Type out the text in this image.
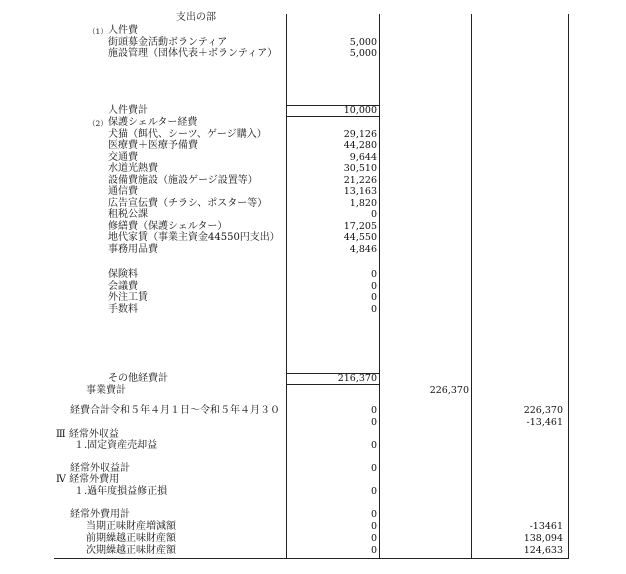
支出の部
（1） 人件費
街頭募金活動ボランティア	5,000
施設管理（団体代表＋ボランティア）	5,000
人件費計	10,000
（2） 保護シェルター経費
犬猫（餌代、シーツ、ゲージ購入）	29,126
医療費＋医療予備費	44,280
交通費	9,644
水道光熱費	30,510
設備費施設（施設ゲージ設置等）	21,226
通信費	13,163
広告宣伝費（チラシ、ポスター等）	1,820
租税公課	0
修繕費（保護シェルター）	17,205
地代家賃（事業主資金44550円支出）	44,550
事務用品費	4,846
保険料	0
会議費	0
外注工賃	0
手数料	0
その他経費計	216,370
事業費計	226,370
経費合計令和５年４月１日～令和５年４月３０	0	226,370
0	-13,461
Ⅲ 経常外収益
１.固定資産売却益	0
経常外収益計	0
Ⅳ 経常外費用
１.過年度損益修正損	0
経常外費用計	0
当期正味財産増減額	0	-13461
前期繰越正味財産額	0	138,094
次期繰越正味財産額	0	124,633
